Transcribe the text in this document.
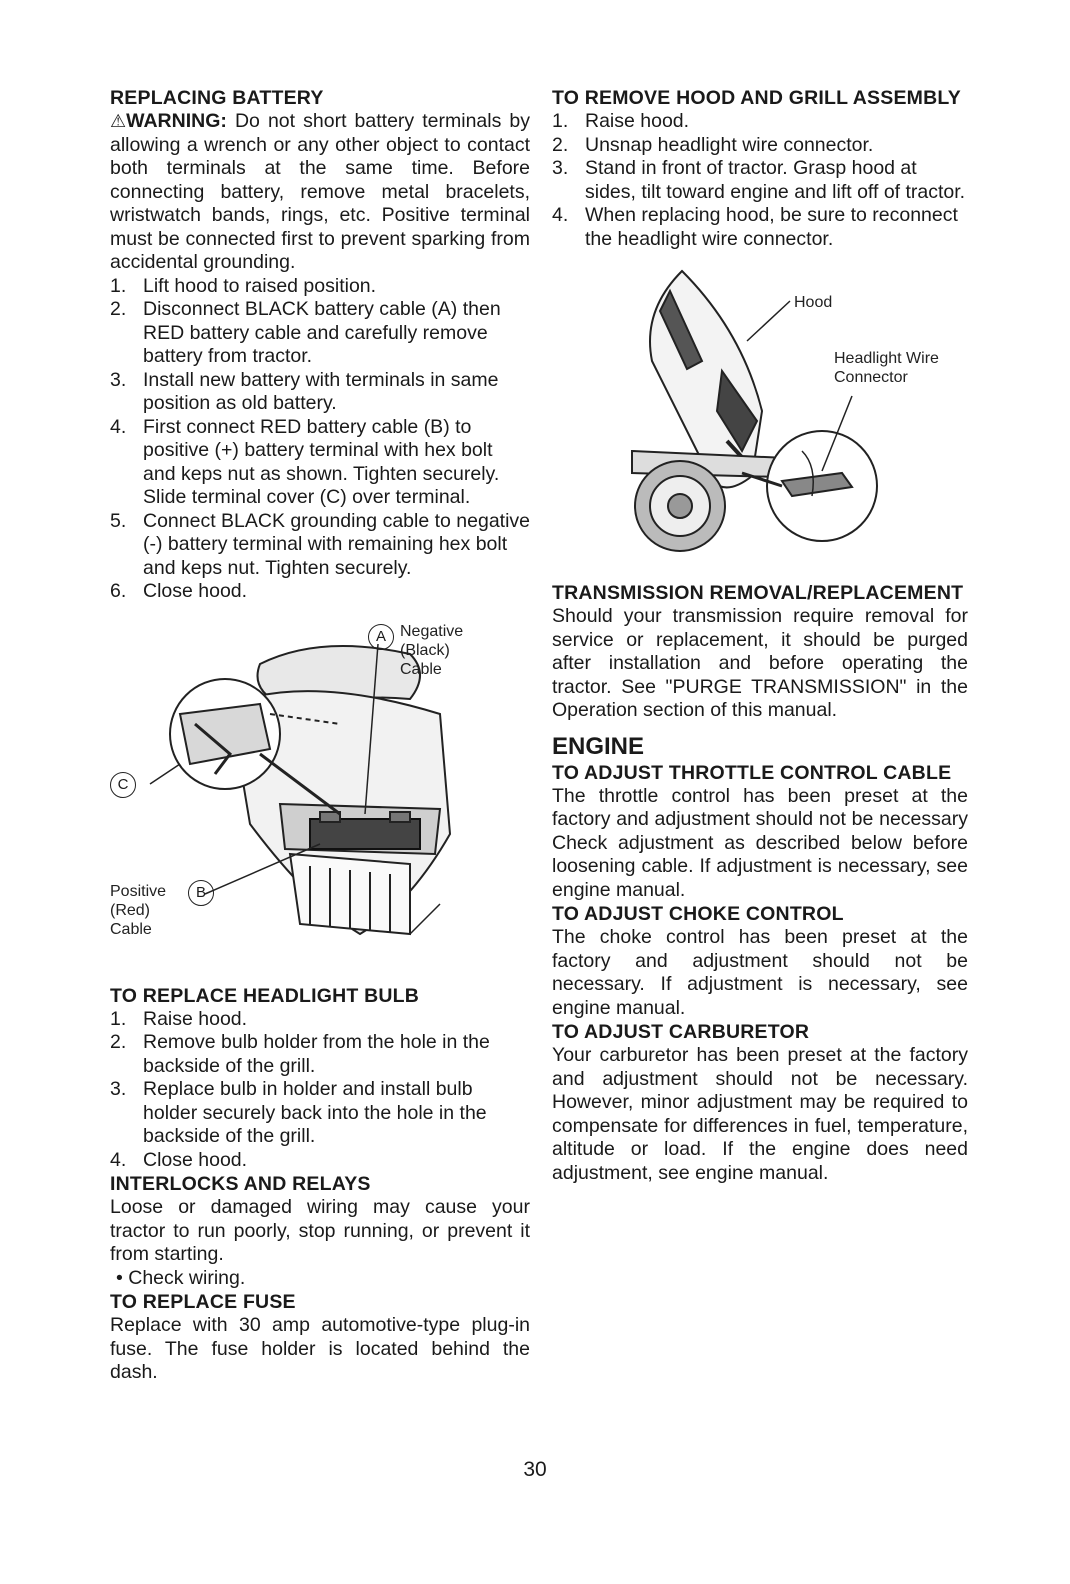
REPLACING BATTERY

⚠WARNING: Do not short battery terminals by allowing a wrench or any other object to contact both terminals at the same time. Before connecting battery, remove metal bracelets, wristwatch bands, rings, etc. Positive terminal must be connected first to prevent sparking from accidental grounding.

1. Lift hood to raised position.
2. Disconnect BLACK battery cable (A) then RED battery cable and carefully remove battery from tractor.
3. Install new battery with terminals in same position as old battery.
4. First connect RED battery cable (B) to positive (+) battery terminal with hex bolt and keps nut as shown. Tighten securely. Slide terminal cover (C) over terminal.
5. Connect BLACK grounding cable to negative (-) battery terminal with remaining hex bolt and keps nut. Tighten securely.
6. Close hood.
A Negative (Black) Cable
C
B
Positive (Red) Cable
TO REPLACE HEADLIGHT BULB
1. Raise hood.
2. Remove bulb holder from the hole in the backside of the grill.
3. Replace bulb in holder and install bulb holder securely back into the hole in the backside of the grill.
4. Close hood.
INTERLOCKS AND RELAYS

Loose or damaged wiring may cause your tractor to run poorly, stop running, or prevent it from starting.

• Check wiring.
TO REPLACE FUSE

Replace with 30 amp automotive-type plug-in fuse. The fuse holder is located behind the dash.

TO REMOVE HOOD AND GRILL ASSEMBLY
1. Raise hood.
2. Unsnap headlight wire connector.
3. Stand in front of tractor. Grasp hood at sides, tilt toward engine and lift off of tractor.
4. When replacing hood, be sure to reconnect the headlight wire connector.
Hood
Headlight Wire Connector
TRANSMISSION REMOVAL/REPLACEMENT

Should your transmission require removal for service or replacement, it should be purged after installation and before operating the tractor. See "PURGE TRANSMISSION" in the Operation section of this manual.

ENGINE
TO ADJUST THROTTLE CONTROL CABLE

The throttle control has been preset at the factory and adjustment should not be necessary Check adjustment as described below before loosening cable. If adjustment is necessary, see engine manual.

TO ADJUST CHOKE CONTROL

The choke control has been preset at the factory and adjustment should not be necessary. If adjustment is necessary, see engine manual.

TO ADJUST CARBURETOR

Your carburetor has been preset at the factory and adjustment should not be necessary. However, minor adjustment may be required to compensate for differences in fuel, temperature, altitude or load. If the engine does need adjustment, see engine manual.

30
